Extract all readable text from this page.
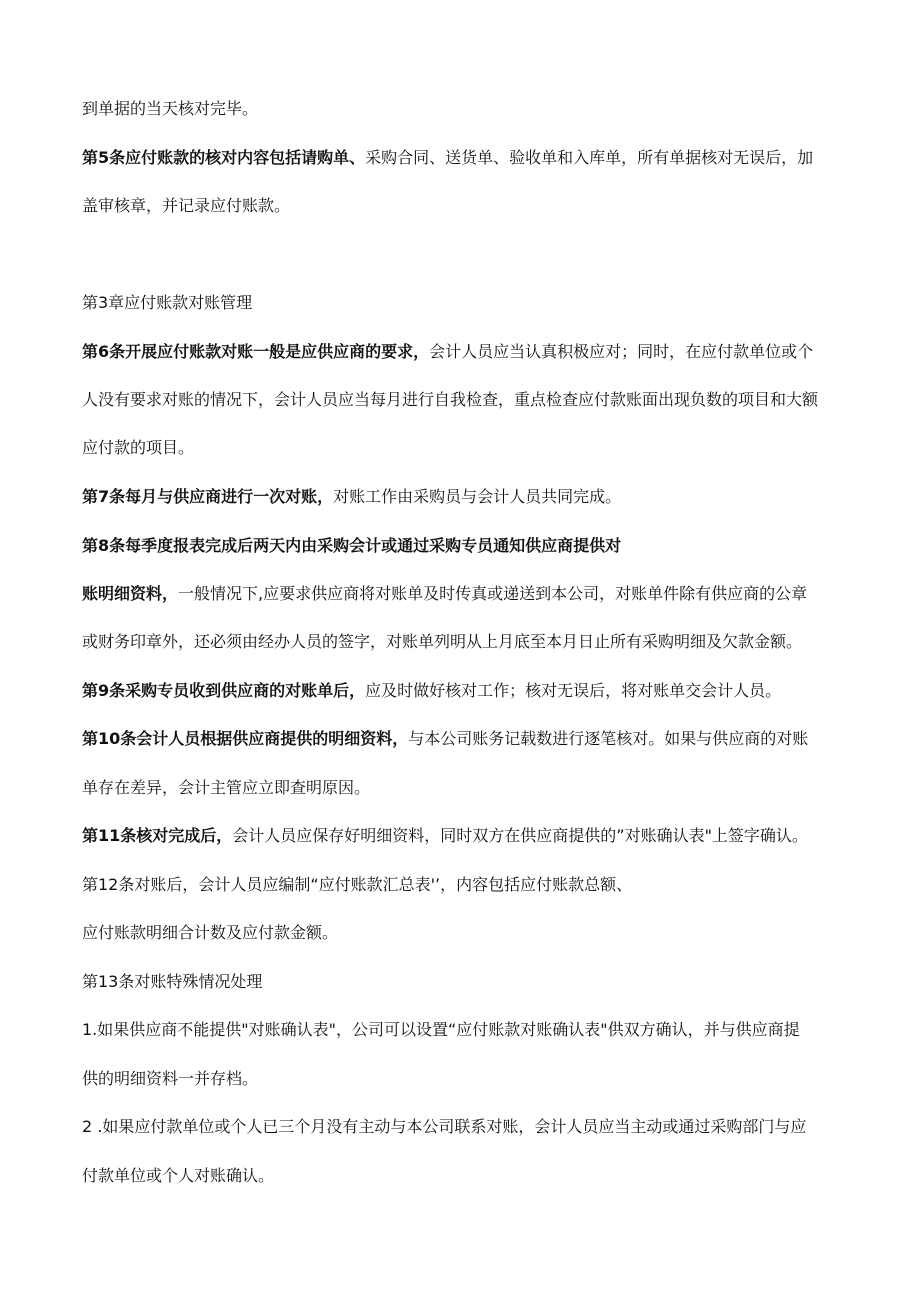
到单据的当天核对完毕。
第5条应付账款的核对内容包括请购单、采购合同、送货单、验收单和入库单，所有单据核对无误后，加
盖审核章，并记录应付账款。
第3章应付账款对账管理
第6条开展应付账款对账一般是应供应商的要求，会计人员应当认真积极应对；同时，在应付款单位或个
人没有要求对账的情况下，会计人员应当每月进行自我检查，重点检查应付款账面出现负数的项目和大额
应付款的项目。
第7条每月与供应商进行一次对账，对账工作由采购员与会计人员共同完成。
第8条每季度报表完成后两天内由采购会计或通过采购专员通知供应商提供对
账明细资料，一般情况下,应要求供应商将对账单及时传真或递送到本公司，对账单件除有供应商的公章
或财务印章外，还必须由经办人员的签字，对账单列明从上月底至本月日止所有采购明细及欠款金额。
第9条采购专员收到供应商的对账单后，应及时做好核对工作；核对无误后，将对账单交会计人员。
第10条会计人员根据供应商提供的明细资料，与本公司账务记载数进行逐笔核对。如果与供应商的对账
单存在差异，会计主管应立即查明原因。
第11条核对完成后，会计人员应保存好明细资料，同时双方在供应商提供的”对账确认表"上签字确认。
第12条对账后，会计人员应编制“应付账款汇总表'’，内容包括应付账款总额、
应付账款明细合计数及应付款金额。
第13条对账特殊情况处理
1.如果供应商不能提供"对账确认表"，公司可以设置“应付账款对账确认表"供双方确认，并与供应商提
供的明细资料一并存档。
2 .如果应付款单位或个人已三个月没有主动与本公司联系对账，会计人员应当主动或通过采购部门与应
付款单位或个人对账确认。
